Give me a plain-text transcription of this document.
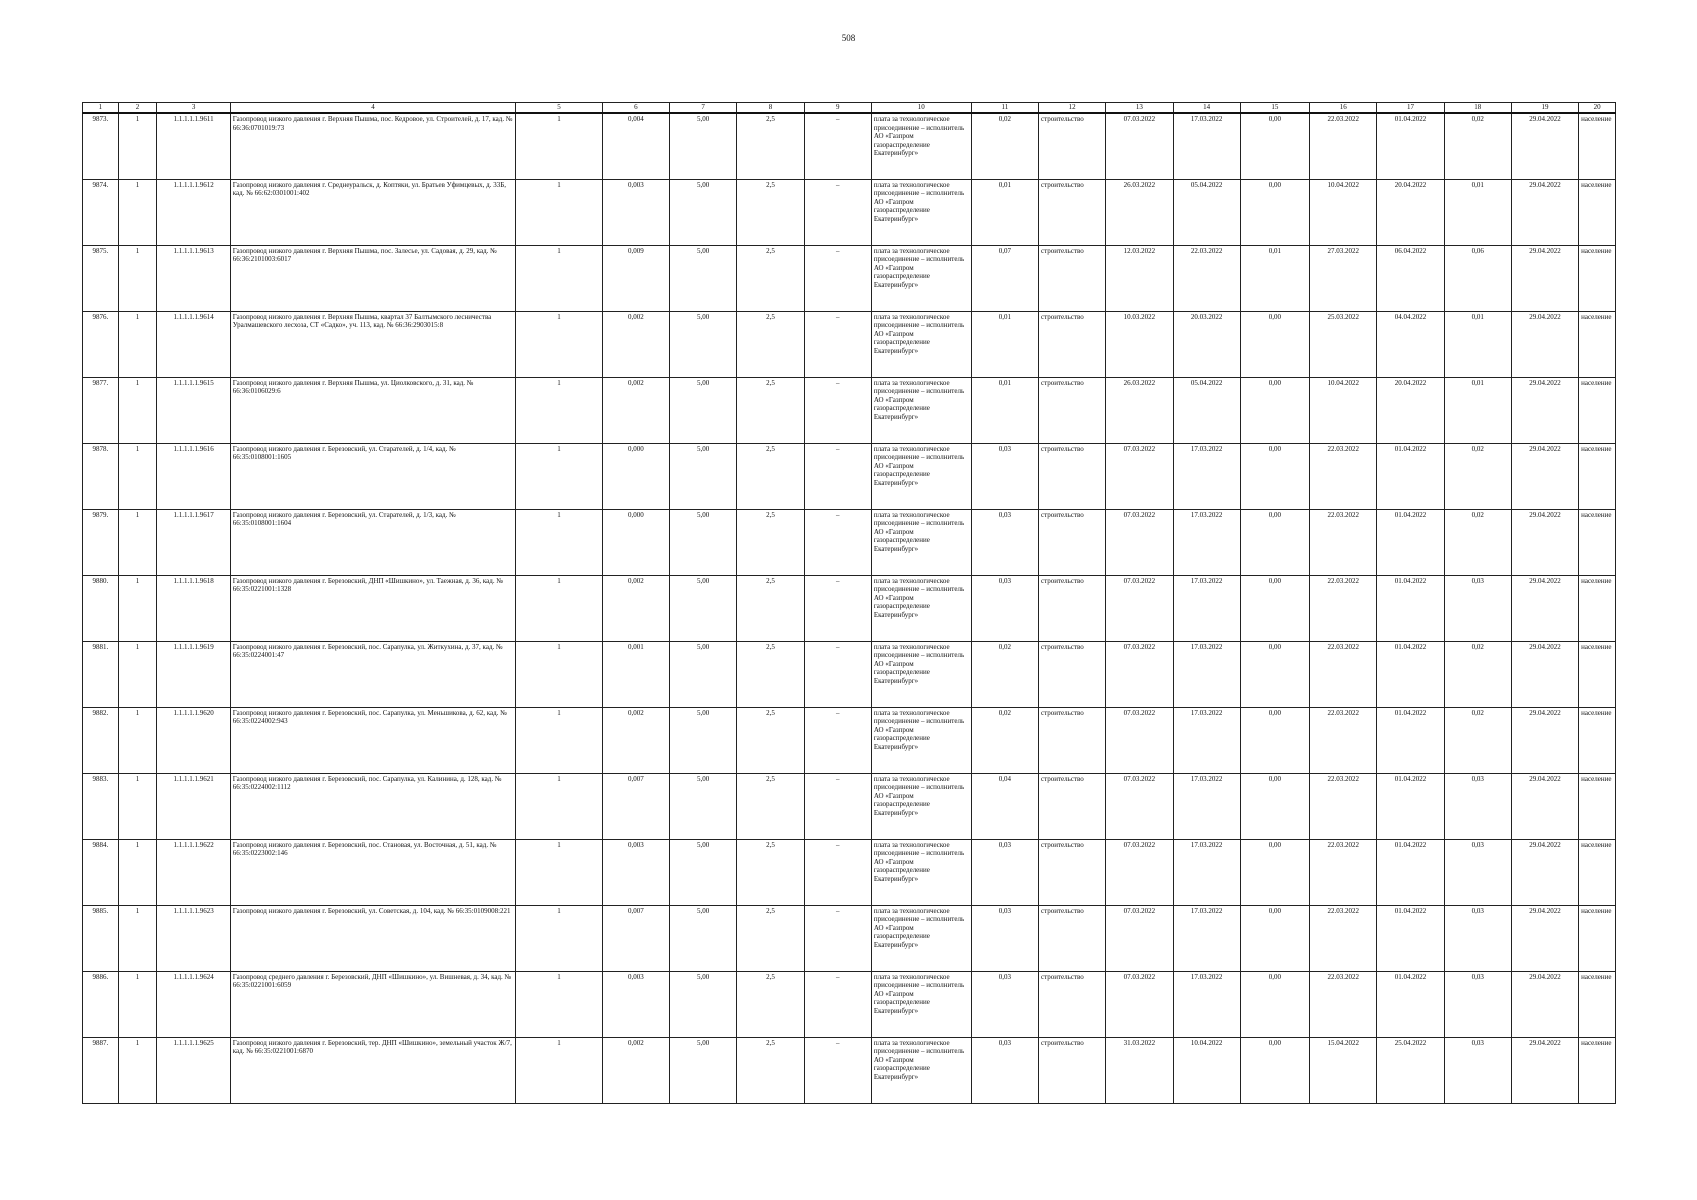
508
1	2	3	4	5	6	7	8	9	10	11	12	13	14	15	16	17	18	19	20
9873.	1	1.1.1.1.1.9611	Газопровод низкого давления г. Верхняя Пышма, пос. Кедровое, ул. Строителей, д. 17, кад. № 66:36:0701019:73	1	0,004	5,00	2,5	–	плата за технологическое присоединение – исполнитель АО «Газпром газораспределение Екатеринбург»	0,02	строительство	07.03.2022	17.03.2022	0,00	22.03.2022	01.04.2022	0,02	29.04.2022	население
9874.	1	1.1.1.1.1.9612	Газопровод низкого давления г. Среднеуральск, д. Коптяки, ул. Братьев Уфимцевых, д. 33Б, кад. № 66:62:0301001:402	1	0,003	5,00	2,5	–	плата за технологическое присоединение – исполнитель АО «Газпром газораспределение Екатеринбург»	0,01	строительство	26.03.2022	05.04.2022	0,00	10.04.2022	20.04.2022	0,01	29.04.2022	население
9875.	1	1.1.1.1.1.9613	Газопровод низкого давления г. Верхняя Пышма, пос. Залесье, ул. Садовая, д. 29, кад. № 66:36:2101003:6017	1	0,009	5,00	2,5	–	плата за технологическое присоединение – исполнитель АО «Газпром газораспределение Екатеринбург»	0,07	строительство	12.03.2022	22.03.2022	0,01	27.03.2022	06.04.2022	0,06	29.04.2022	население
9876.	1	1.1.1.1.1.9614	Газопровод низкого давления г. Верхняя Пышма, квартал 37 Балтымского лесничества Уралмашевского лесхоза, СТ «Садко», уч. 113, кад. № 66:36:2903015:8	1	0,002	5,00	2,5	–	плата за технологическое присоединение – исполнитель АО «Газпром газораспределение Екатеринбург»	0,01	строительство	10.03.2022	20.03.2022	0,00	25.03.2022	04.04.2022	0,01	29.04.2022	население
9877.	1	1.1.1.1.1.9615	Газопровод низкого давления г. Верхняя Пышма, ул. Циолковского, д. 31, кад. № 66:36:0106029:6	1	0,002	5,00	2,5	–	плата за технологическое присоединение – исполнитель АО «Газпром газораспределение Екатеринбург»	0,01	строительство	26.03.2022	05.04.2022	0,00	10.04.2022	20.04.2022	0,01	29.04.2022	население
9878.	1	1.1.1.1.1.9616	Газопровод низкого давления г. Березовский, ул. Старателей, д. 1/4, кад. № 66:35:0108001:1605	1	0,000	5,00	2,5	–	плата за технологическое присоединение – исполнитель АО «Газпром газораспределение Екатеринбург»	0,03	строительство	07.03.2022	17.03.2022	0,00	22.03.2022	01.04.2022	0,02	29.04.2022	население
9879.	1	1.1.1.1.1.9617	Газопровод низкого давления г. Березовский, ул. Старателей, д. 1/3, кад. № 66:35:0108001:1604	1	0,000	5,00	2,5	–	плата за технологическое присоединение – исполнитель АО «Газпром газораспределение Екатеринбург»	0,03	строительство	07.03.2022	17.03.2022	0,00	22.03.2022	01.04.2022	0,02	29.04.2022	население
9880.	1	1.1.1.1.1.9618	Газопровод низкого давления г. Березовский, ДНП «Шишкино», ул. Таежная, д. 36, кад. № 66:35:0221001:1328	1	0,002	5,00	2,5	–	плата за технологическое присоединение – исполнитель АО «Газпром газораспределение Екатеринбург»	0,03	строительство	07.03.2022	17.03.2022	0,00	22.03.2022	01.04.2022	0,03	29.04.2022	население
9881.	1	1.1.1.1.1.9619	Газопровод низкого давления г. Березовский, пос. Сарапулка, ул. Житкухина, д. 37, кад. № 66:35:0224001:47	1	0,001	5,00	2,5	–	плата за технологическое присоединение – исполнитель АО «Газпром газораспределение Екатеринбург»	0,02	строительство	07.03.2022	17.03.2022	0,00	22.03.2022	01.04.2022	0,02	29.04.2022	население
9882.	1	1.1.1.1.1.9620	Газопровод низкого давления г. Березовский, пос. Сарапулка, ул. Меньшикова, д. 62, кад. № 66:35:0224002:943	1	0,002	5,00	2,5	–	плата за технологическое присоединение – исполнитель АО «Газпром газораспределение Екатеринбург»	0,02	строительство	07.03.2022	17.03.2022	0,00	22.03.2022	01.04.2022	0,02	29.04.2022	население
9883.	1	1.1.1.1.1.9621	Газопровод низкого давления г. Березовский, пос. Сарапулка, ул. Калинина, д. 128, кад. № 66:35:0224002:1112	1	0,007	5,00	2,5	–	плата за технологическое присоединение – исполнитель АО «Газпром газораспределение Екатеринбург»	0,04	строительство	07.03.2022	17.03.2022	0,00	22.03.2022	01.04.2022	0,03	29.04.2022	население
9884.	1	1.1.1.1.1.9622	Газопровод низкого давления г. Березовский, пос. Становая, ул. Восточная, д. 51, кад. № 66:35:0223002:146	1	0,003	5,00	2,5	–	плата за технологическое присоединение – исполнитель АО «Газпром газораспределение Екатеринбург»	0,03	строительство	07.03.2022	17.03.2022	0,00	22.03.2022	01.04.2022	0,03	29.04.2022	население
9885.	1	1.1.1.1.1.9623	Газопровод низкого давления г. Березовский, ул. Советская, д. 104, кад. № 66:35:0109008:221	1	0,007	5,00	2,5	–	плата за технологическое присоединение – исполнитель АО «Газпром газораспределение Екатеринбург»	0,03	строительство	07.03.2022	17.03.2022	0,00	22.03.2022	01.04.2022	0,03	29.04.2022	население
9886.	1	1.1.1.1.1.9624	Газопровод среднего давления г. Березовский, ДНП «Шишкино», ул. Вишневая, д. 34, кад. № 66:35:0221001:6059	1	0,003	5,00	2,5	–	плата за технологическое присоединение – исполнитель АО «Газпром газораспределение Екатеринбург»	0,03	строительство	07.03.2022	17.03.2022	0,00	22.03.2022	01.04.2022	0,03	29.04.2022	население
9887.	1	1.1.1.1.1.9625	Газопровод низкого давления г. Березовский, тер. ДНП «Шишкино», земельный участок Ж/7, кад. № 66:35:0221001:6870	1	0,002	5,00	2,5	–	плата за технологическое присоединение – исполнитель АО «Газпром газораспределение Екатеринбург»	0,03	строительство	31.03.2022	10.04.2022	0,00	15.04.2022	25.04.2022	0,03	29.04.2022	население
